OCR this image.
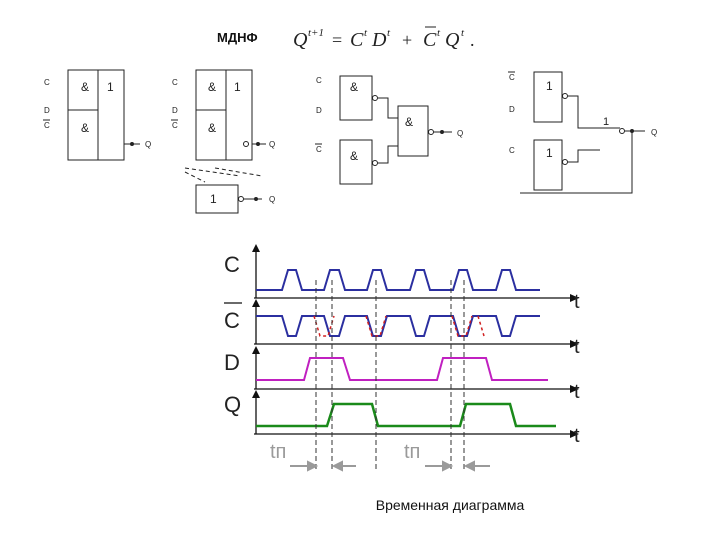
МДНФ Q t+1 = C t D t + C t Q t .
&
&
1
C
D
C
Q
&
&
1
C
D
C
Q
1	Q
&
&
&
Q
C
D
C
1
1
1
Q
C
D
C
C
C
D
Q
t
t
t
t
tп	tп
Временная диаграмма
